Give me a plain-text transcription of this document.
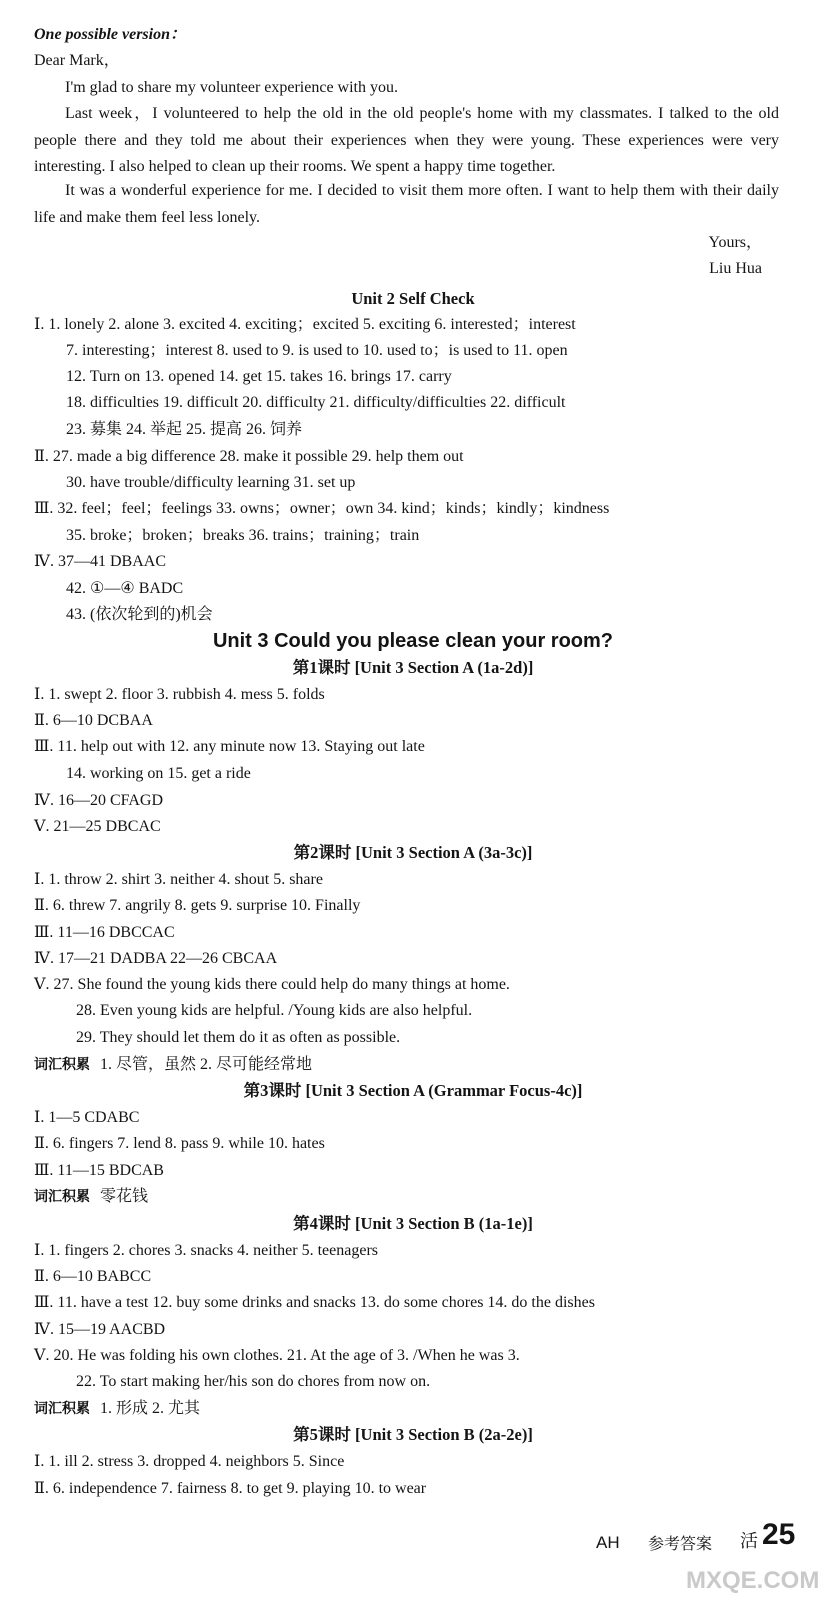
One possible version：
Dear Mark，

I'm glad to share my volunteer experience with you.

Last week，I volunteered to help the old in the old people's home with my classmates. I talked to the old people there and they told me about their experiences when they were young. These experiences were very interesting. I also helped to clean up their rooms. We spent a happy time together.

It was a wonderful experience for me. I decided to visit them more often. I want to help them with their daily life and make them feel less lonely.

Yours，
Liu Hua
Unit 2 Self Check
Ⅰ. 1. lonely 2. alone 3. excited 4. exciting；excited 5. exciting 6. interested；interest
7. interesting；interest 8. used to 9. is used to 10. used to；is used to 11. open
12. Turn on 13. opened 14. get 15. takes 16. brings 17. carry
18. difficulties 19. difficult 20. difficulty 21. difficulty/difficulties 22. difficult
23. 募集 24. 举起 25. 提高 26. 饲养
Ⅱ. 27. made a big difference 28. make it possible 29. help them out
30. have trouble/difficulty learning 31. set up
Ⅲ. 32. feel；feel；feelings 33. owns；owner；own 34. kind；kinds；kindly；kindness
35. broke；broken；breaks 36. trains；training；train
Ⅳ. 37—41 DBAAC
42. ①—④ BADC
43. (依次轮到的)机会
Unit 3 Could you please clean your room?
第1课时 [Unit 3 Section A (1a-2d)]
Ⅰ. 1. swept 2. floor 3. rubbish 4. mess 5. folds
Ⅱ. 6—10 DCBAA
Ⅲ. 11. help out with 12. any minute now 13. Staying out late
14. working on 15. get a ride
Ⅳ. 16—20 CFAGD
Ⅴ. 21—25 DBCAC
第2课时 [Unit 3 Section A (3a-3c)]
Ⅰ. 1. throw 2. shirt 3. neither 4. shout 5. share
Ⅱ. 6. threw 7. angrily 8. gets 9. surprise 10. Finally
Ⅲ. 11—16 DBCCAC
Ⅳ. 17—21 DADBA 22—26 CBCAA
Ⅴ. 27. She found the young kids there could help do many things at home.
28. Even young kids are helpful. /Young kids are also helpful.
29. They should let them do it as often as possible.
词汇积累 1. 尽管，虽然 2. 尽可能经常地
第3课时 [Unit 3 Section A (Grammar Focus-4c)]
Ⅰ. 1—5 CDABC
Ⅱ. 6. fingers 7. lend 8. pass 9. while 10. hates
Ⅲ. 11—15 BDCAB
词汇积累 零花钱
第4课时 [Unit 3 Section B (1a-1e)]
Ⅰ. 1. fingers 2. chores 3. snacks 4. neither 5. teenagers
Ⅱ. 6—10 BABCC
Ⅲ. 11. have a test 12. buy some drinks and snacks 13. do some chores 14. do the dishes
Ⅳ. 15—19 AACBD
Ⅴ. 20. He was folding his own clothes. 21. At the age of 3. /When he was 3.
22. To start making her/his son do chores from now on.
词汇积累 1. 形成 2. 尤其
第5课时 [Unit 3 Section B (2a-2e)]
Ⅰ. 1. ill 2. stress 3. dropped 4. neighbors 5. Since
Ⅱ. 6. independence 7. fairness 8. to get 9. playing 10. to wear
AH 参考答案 活 25
MXQE.COM
